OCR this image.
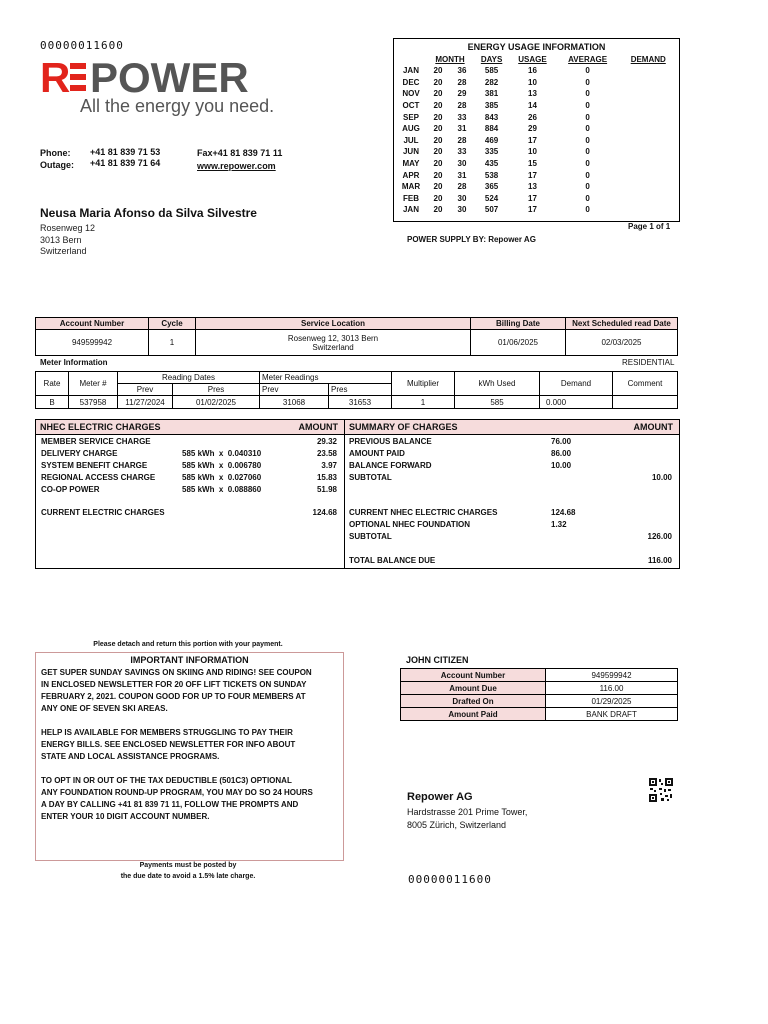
00000011600
R POWER
All the energy you need.
Phone: +41 81 839 71 53
Outage: +41 81 839 71 64
Fax+41 81 839 71 11
www.repower.com
Neusa Maria Afonso da Silva Silvestre
Rosenweg 12
3013 Bern
Switzerland
ENERGY USAGE INFORMATION
	MONTH		DAYS	USAGE	AVERAGE	DEMAND
JAN	20	36	585	16	0	
DEC	20	28	282	10	0	
NOV	20	29	381	13	0	
OCT	20	28	385	14	0	
SEP	20	33	843	26	0	
AUG	20	31	884	29	0	
JUL	20	28	469	17	0	
JUN	20	33	335	10	0	
MAY	20	30	435	15	0	
APR	20	31	538	17	0	
MAR	20	28	365	13	0	
FEB	20	30	524	17	0	
JAN	20	30	507	17	0	
Page 1 of 1
POWER SUPPLY BY: Repower AG
Account Number	Cycle	Service Location	Billing Date	Next Scheduled read Date
949599942	1	Rosenweg 12, 3013 Bern
Switzerland	01/06/2025	02/03/2025
Meter Information	RESIDENTIAL
Rate	Meter #	Reading Dates		Meter Readings		Multiplier	kWh Used	Demand	Comment
		Prev	Pres	Prev	Pres				
B	537958	11/27/2024	01/02/2025	31068	31653	1	585	0.000	
NHEC ELECTRIC CHARGES	AMOUNT SUMMARY OF CHARGES	AMOUNT
MEMBER SERVICE CHARGE	29.32
DELIVERY CHARGE	585 kWh  x  0.040310	23.58
SYSTEM BENEFIT CHARGE	585 kWh  x  0.006780	3.97
REGIONAL ACCESS CHARGE	585 kWh  x  0.027060	15.83
CO-OP POWER	585 kWh  x  0.088860	51.98
CURRENT ELECTRIC CHARGES	124.68
PREVIOUS BALANCE	76.00
AMOUNT PAID	86.00
BALANCE FORWARD	10.00
SUBTOTAL	10.00
CURRENT NHEC ELECTRIC CHARGES	124.68
OPTIONAL NHEC FOUNDATION	1.32
SUBTOTAL	126.00
TOTAL BALANCE DUE	116.00
Please detach and return this portion with your payment.
IMPORTANT INFORMATION
GET SUPER SUNDAY SAVINGS ON SKIING AND RIDING! SEE COUPON
IN ENCLOSED NEWSLETTER FOR 20 OFF LIFT TICKETS ON SUNDAY
FEBRUARY 2, 2021. COUPON GOOD FOR UP TO FOUR MEMBERS AT
ANY ONE OF SEVEN SKI AREAS.

HELP IS AVAILABLE FOR MEMBERS STRUGGLING TO PAY THEIR
ENERGY BILLS. SEE ENCLOSED NEWSLETTER FOR INFO ABOUT
STATE AND LOCAL ASSISTANCE PROGRAMS.

TO OPT IN OR OUT OF THE TAX DEDUCTIBLE (501C3) OPTIONAL
ANY FOUNDATION ROUND-UP PROGRAM, YOU MAY DO SO 24 HOURS
A DAY BY CALLING +41 81 839 71 11, FOLLOW THE PROMPTS AND
ENTER YOUR 10 DIGIT ACCOUNT NUMBER.
Payments must be posted by
the due date to avoid a 1.5% late charge.
JOHN CITIZEN
Account Number	949599942
Amount Due	116.00
Drafted On	01/29/2025
Amount Paid	BANK DRAFT
Repower AG
Hardstrasse 201 Prime Tower,
8005 Zürich, Switzerland
00000011600
